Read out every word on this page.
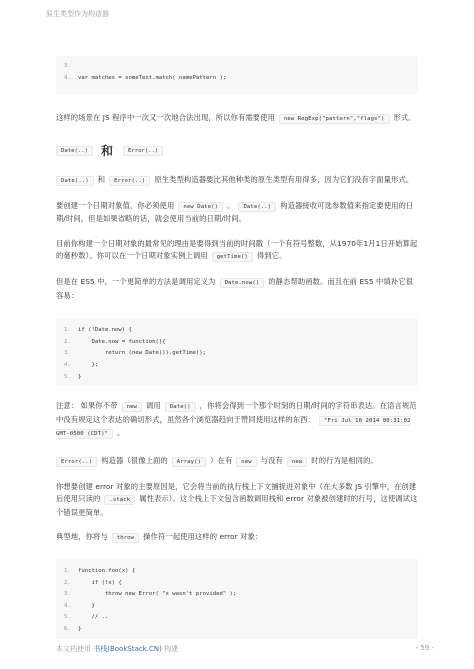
原生类型作为构造器
3.
4. var matches = someText.match( namePattern );

这样的场景在 JS 程序中一次又一次地合法出现，所以你有需要使用 new RegExp("pattern","flags") 形式。

Date(..) 和	Error(..)

Date(..) 和 Error(..) 原生类型构造器要比其他种类的原生类型有用得多，因为它们没有字面量形式。

要创建一个日期对象值，你必须使用 new Date() 。 Date(..) 构造器接收可选参数值来指定要使用的日期/时间，但是如果省略的话，就会使用当前的日期/时间。

目前你构建一个日期对象的最常见的理由是要得到当前的时间戳（一个有符号整数，从1970年1月1日开始算起的毫秒数）。你可以在一个日期对象实例上调用 getTime() 得到它。

但是在 ES5 中，一个更简单的方法是调用定义为 Date.now() 的静态帮助函数。而且在前 ES5 中填补它很容易：

1. if (!Date.now) {
2.    Date.now = function(){
3.        return (new Date()).getTime();
4.    };
5. }

注意： 如果你不带 new 调用 Date() ，你将会得到一个那个时刻的日期/时间的字符串表达。在语言规范中没有规定这个表达的确切形式，虽然各个浏览器趋向于赞同使用这样的东西： "Fri Jul 18 2014 00:31:02 GMT-0500 (CDT)" 。

Error(..) 构造器（很像上面的 Array() ）在有 new 与没有 new 时的行为是相同的。

你想要创建 error 对象的主要原因是，它会将当前的执行栈上下文捕捉进对象中（在大多数 JS 引擎中，在创建后使用只读的 .stack 属性表示）。这个栈上下文包含函数调用栈和 error 对象被创建时的行号，这使调试这个错误更简单。

典型地，你将与 throw 操作符一起使用这样的 error 对象：

1. function foo(x) {
2.    if (!x) {
3.        throw new Error( "x wasn't provided" );
4.    }
5.    // ..
6. }
本文档使用 书栈(BookStack.CN) 构建	- 59 -
